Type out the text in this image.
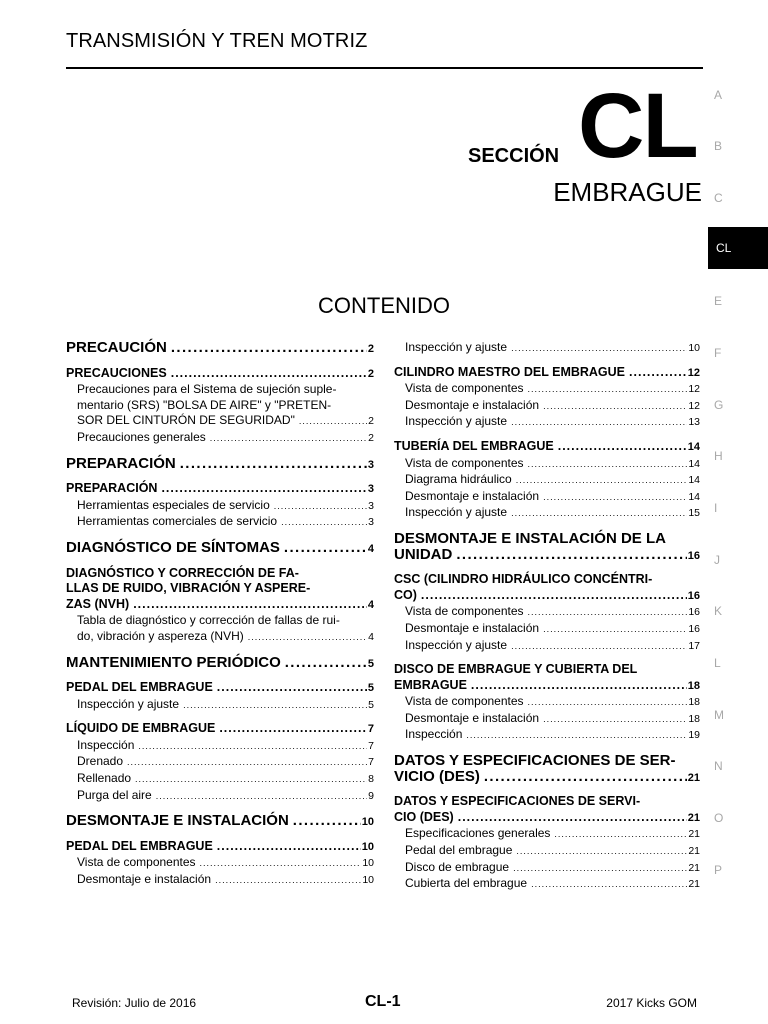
TRANSMISIÓN Y TREN MOTRIZ
SECCIÓN CL
EMBRAGUE
CONTENIDO
PRECAUCIÓN .....	2
PRECAUCIONES .....	2
Precauciones para el Sistema de sujeción suple-
mentario (SRS) "BOLSA DE AIRE" y "PRETEN-
SOR DEL CINTURÓN DE SEGURIDAD" .....	2
Precauciones generales .....	2
PREPARACIÓN .....	3
PREPARACIÓN .....	3
Herramientas especiales de servicio .....	3
Herramientas comerciales de servicio .....	3
DIAGNÓSTICO DE SÍNTOMAS .....	4
DIAGNÓSTICO Y CORRECCIÓN DE FA-
LLAS DE RUIDO, VIBRACIÓN Y ASPERE-
ZAS (NVH) .....	4
Tabla de diagnóstico y corrección de fallas de rui-
do, vibración y aspereza (NVH) .....	4
MANTENIMIENTO PERIÓDICO .....	5
PEDAL DEL EMBRAGUE .....	5
Inspección y ajuste .....	5
LÍQUIDO DE EMBRAGUE .....	7
Inspección .....	7
Drenado .....	7
Rellenado .....	8
Purga del aire .....	9
DESMONTAJE E INSTALACIÓN .....	10
PEDAL DEL EMBRAGUE .....	10
Vista de componentes .....	10
Desmontaje e instalación .....	10
Inspección y ajuste .....	10
CILINDRO MAESTRO DEL EMBRAGUE .....	12
Vista de componentes .....	12
Desmontaje e instalación .....	12
Inspección y ajuste .....	13
TUBERÍA DEL EMBRAGUE .....	14
Vista de componentes .....	14
Diagrama hidráulico .....	14
Desmontaje e instalación .....	14
Inspección y ajuste .....	15
DESMONTAJE E INSTALACIÓN DE LA
UNIDAD .....	16
CSC (CILINDRO HIDRÁULICO CONCÉNTRI-
CO) .....	16
Vista de componentes .....	16
Desmontaje e instalación .....	16
Inspección y ajuste .....	17
DISCO DE EMBRAGUE Y CUBIERTA DEL
EMBRAGUE .....	18
Vista de componentes .....	18
Desmontaje e instalación .....	18
Inspección .....	19
DATOS Y ESPECIFICACIONES DE SER-
VICIO (DES) .....	21
DATOS Y ESPECIFICACIONES DE SERVI-
CIO (DES) .....	21
Especificaciones generales .....	21
Pedal del embrague .....	21
Disco de embrague .....	21
Cubierta del embrague .....	21
A
B
C
CL
E
F
G
H
I
J
K
L
M
N
O
P
Revisión: Julio de 2016	CL-1	2017 Kicks GOM
